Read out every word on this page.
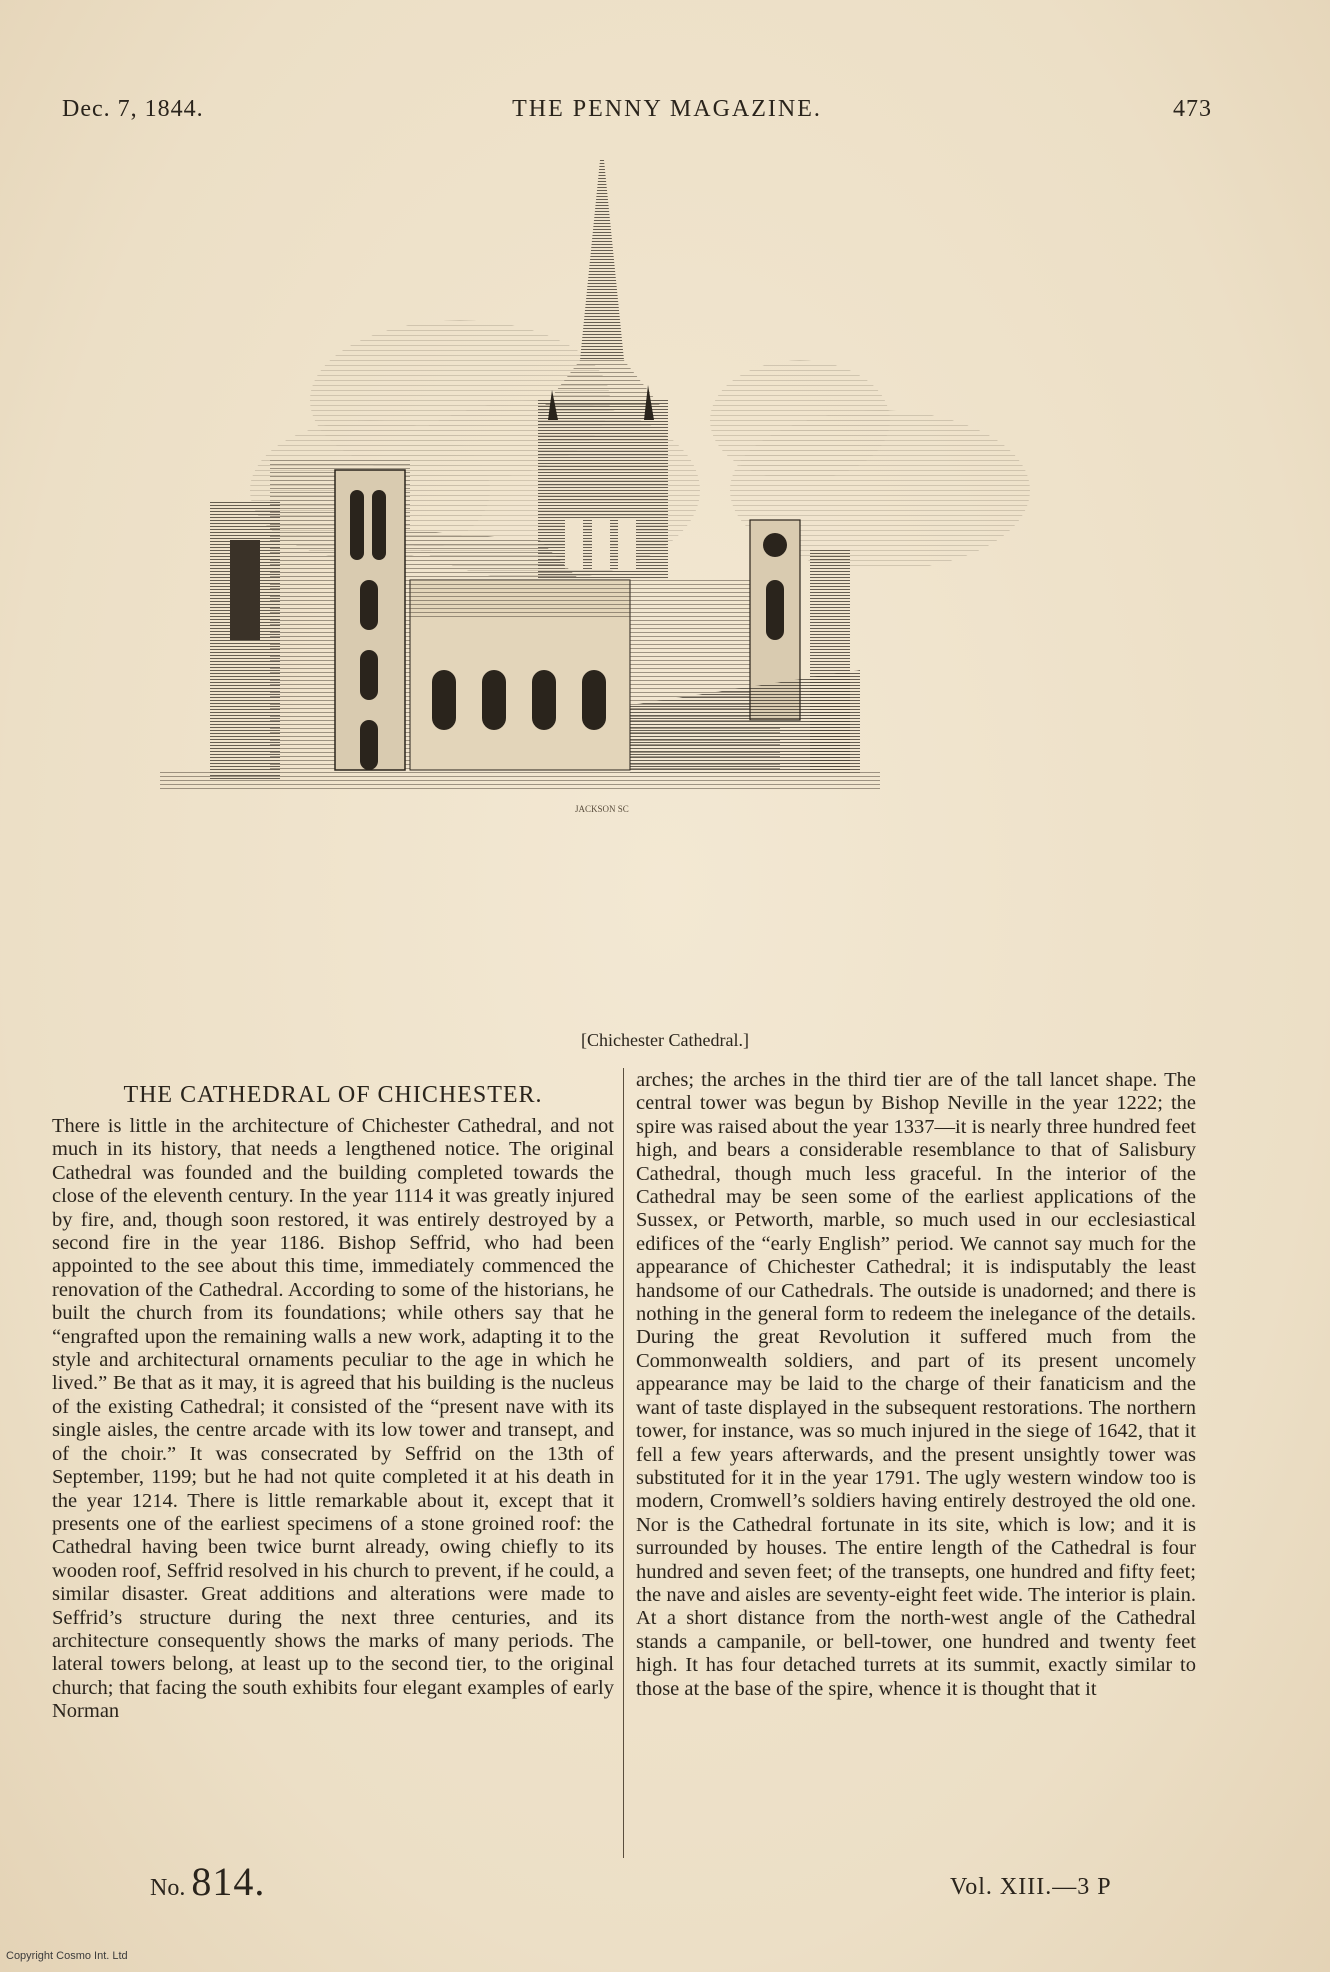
Dec. 7, 1844.	THE PENNY MAGAZINE.	473
JACKSON SC
[Chichester Cathedral.]
THE CATHEDRAL OF CHICHESTER.

There is little in the architecture of Chichester Cathedral, and not much in its history, that needs a lengthened notice. The original Cathedral was founded and the building completed towards the close of the eleventh century. In the year 1114 it was greatly injured by fire, and, though soon restored, it was entirely destroyed by a second fire in the year 1186. Bishop Seffrid, who had been appointed to the see about this time, immediately commenced the renovation of the Cathedral. According to some of the historians, he built the church from its foundations; while others say that he “engrafted upon the remaining walls a new work, adapting it to the style and architectural ornaments peculiar to the age in which he lived.” Be that as it may, it is agreed that his building is the nucleus of the existing Cathedral; it consisted of the “present nave with its single aisles, the centre arcade with its low tower and transept, and of the choir.” It was consecrated by Seffrid on the 13th of September, 1199; but he had not quite completed it at his death in the year 1214. There is little remarkable about it, except that it presents one of the earliest specimens of a stone groined roof: the Cathedral having been twice burnt already, owing chiefly to its wooden roof, Seffrid resolved in his church to prevent, if he could, a similar disaster. Great additions and alterations were made to Seffrid’s structure during the next three centuries, and its architecture consequently shows the marks of many periods. The lateral towers belong, at least up to the second tier, to the original church; that facing the south exhibits four elegant examples of early Norman

arches; the arches in the third tier are of the tall lancet shape. The central tower was begun by Bishop Neville in the year 1222; the spire was raised about the year 1337—it is nearly three hundred feet high, and bears a considerable resemblance to that of Salisbury Cathedral, though much less graceful. In the interior of the Cathedral may be seen some of the earliest applications of the Sussex, or Petworth, marble, so much used in our ecclesiastical edifices of the “early English” period. We cannot say much for the appearance of Chichester Cathedral; it is indisputably the least handsome of our Cathedrals. The outside is unadorned; and there is nothing in the general form to redeem the inelegance of the details. During the great Revolution it suffered much from the Commonwealth soldiers, and part of its present uncomely appearance may be laid to the charge of their fanaticism and the want of taste displayed in the subsequent restorations. The northern tower, for instance, was so much injured in the siege of 1642, that it fell a few years afterwards, and the present unsightly tower was substituted for it in the year 1791. The ugly western window too is modern, Cromwell’s soldiers having entirely destroyed the old one. Nor is the Cathedral fortunate in its site, which is low; and it is surrounded by houses. The entire length of the Cathedral is four hundred and seven feet; of the transepts, one hundred and fifty feet; the nave and aisles are seventy-eight feet wide. The interior is plain. At a short distance from the north-west angle of the Cathedral stands a campanile, or bell-tower, one hundred and twenty feet high. It has four detached turrets at its summit, exactly similar to those at the base of the spire, whence it is thought that it

No. 814.	Vol. XIII.—3 P
Copyright Cosmo Int. Ltd
